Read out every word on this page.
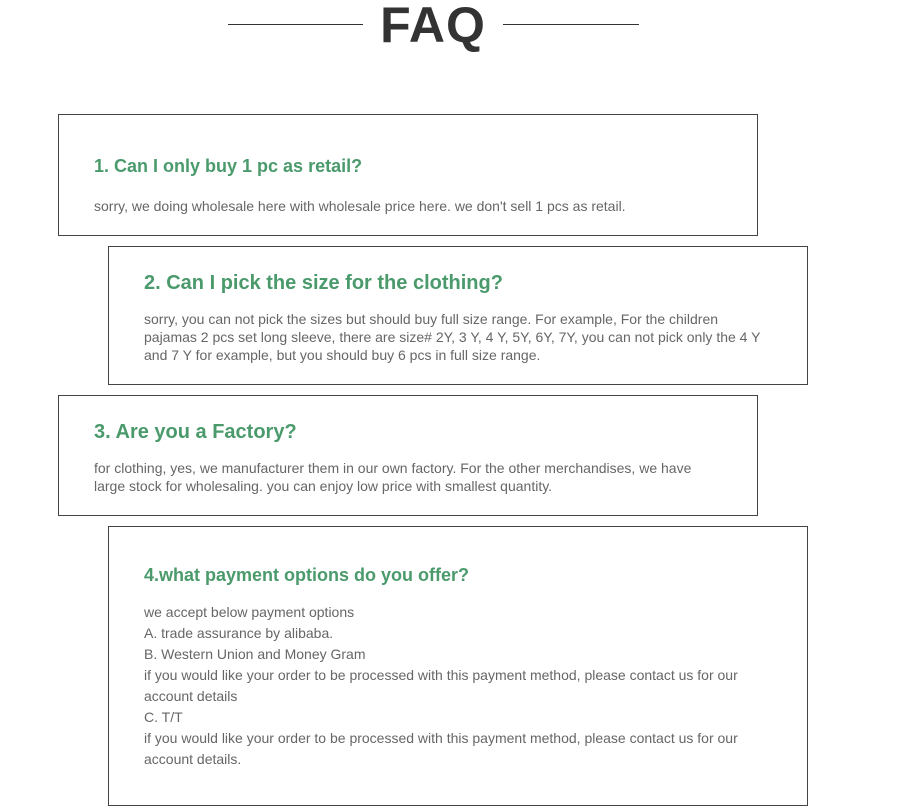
FAQ
1. Can I only buy 1 pc as retail?

sorry, we doing wholesale here with wholesale price here. we don't sell 1 pcs as retail.

2. Can I pick the size for the clothing?

sorry, you can not pick the sizes but should buy full size range. For example, For the children pajamas 2 pcs set long sleeve, there are size# 2Y, 3 Y, 4 Y, 5Y, 6Y, 7Y, you can not pick only the 4 Y and 7 Y for example, but you should buy 6 pcs in full size range.

3. Are you a Factory?

for clothing, yes, we manufacturer them in our own factory. For the other merchandises, we have large stock for wholesaling. you can enjoy low price with smallest quantity.

4.what payment options do you offer?
we accept below payment options
A. trade assurance by alibaba.
B. Western Union and Money Gram
if you would like your order to be processed with this payment method, please contact us for our account details
C. T/T
if you would like your order to be processed with this payment method, please contact us for our account details.
